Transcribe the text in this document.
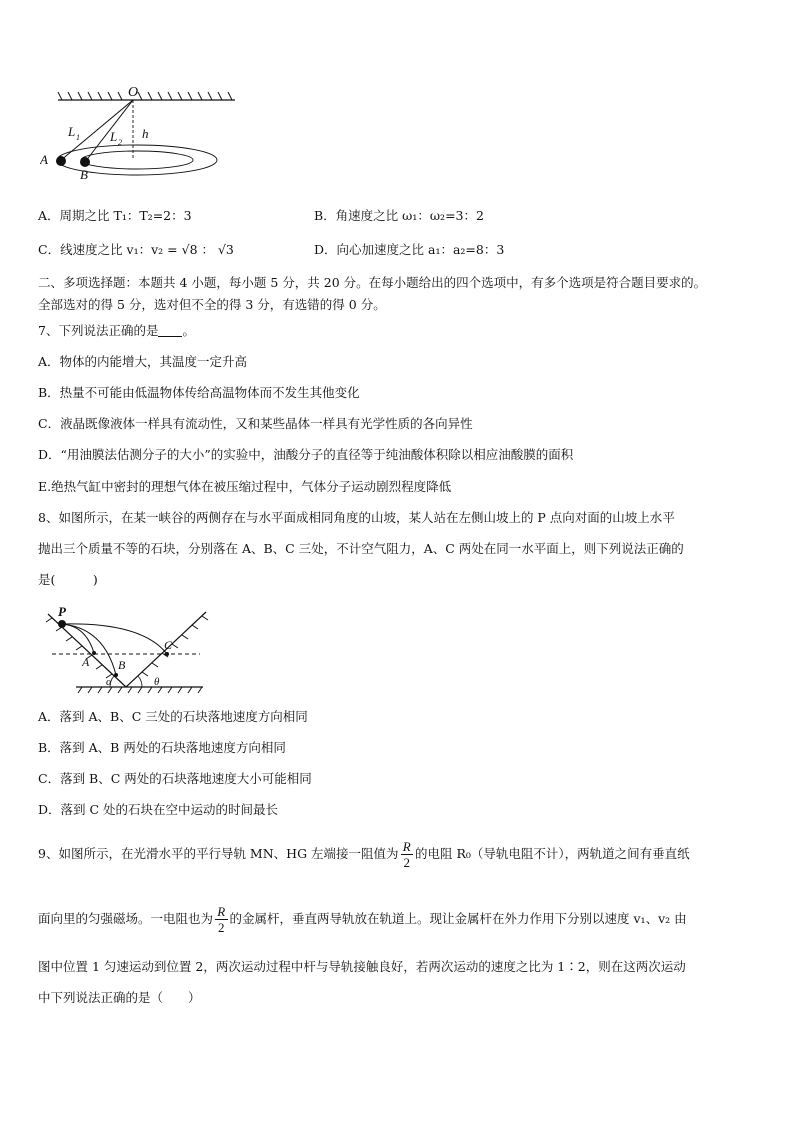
O
L 1 L 2
h
A
B
A．周期之比 T₁：T₂=2：3	B．角速度之比 ω₁：ω₂=3：2
C．线速度之比 v₁：v₂ = √8 ： √3	D．向心加速度之比 a₁：a₂=8：3
二、多项选择题：本题共 4 小题，每小题 5 分，共 20 分。在每小题给出的四个选项中，有多个选项是符合题目要求的。
全部选对的得 5 分，选对但不全的得 3 分，有选错的得 0 分。
7、下列说法正确的是 。
A．物体的内能增大，其温度一定升高
B．热量不可能由低温物体传给高温物体而不发生其他变化
C．液晶既像液体一样具有流动性，又和某些晶体一样具有光学性质的各向异性
D．“用油膜法估测分子的大小”的实验中，油酸分子的直径等于纯油酸体积除以相应油酸膜的面积
E.绝热气缸中密封的理想气体在被压缩过程中，气体分子运动剧烈程度降低
8、如图所示，在某一峡谷的两侧存在与水平面成相同角度的山坡，某人站在左侧山坡上的 P 点向对面的山坡上水平
抛出三个质量不等的石块，分别落在 A、B、C 三处，不计空气阻力，A、C 两处在同一水平面上，则下列说法正确的
是(　　　)
P
A B
C
α	θ
A．落到 A、B、C 三处的石块落地速度方向相同
B．落到 A、B 两处的石块落地速度方向相同
C．落到 B、C 两处的石块落地速度大小可能相同
D．落到 C 处的石块在空中运动的时间最长
9、如图所示，在光滑水平的平行导轨 MN、HG 左端接一阻值为 $\frac{R}{2}$ 的电阻 R₀（导轨电阻不计），两轨道之间有垂直纸
面向里的匀强磁场。一电阻也为 $\frac{R}{2}$ 的金属杆，垂直两导轨放在轨道上。现让金属杆在外力作用下分别以速度 v₁、v₂ 由
图中位置 1 匀速运动到位置 2，两次运动过程中杆与导轨接触良好，若两次运动的速度之比为 1∶2，则在这两次运动
中下列说法正确的是（　　）
